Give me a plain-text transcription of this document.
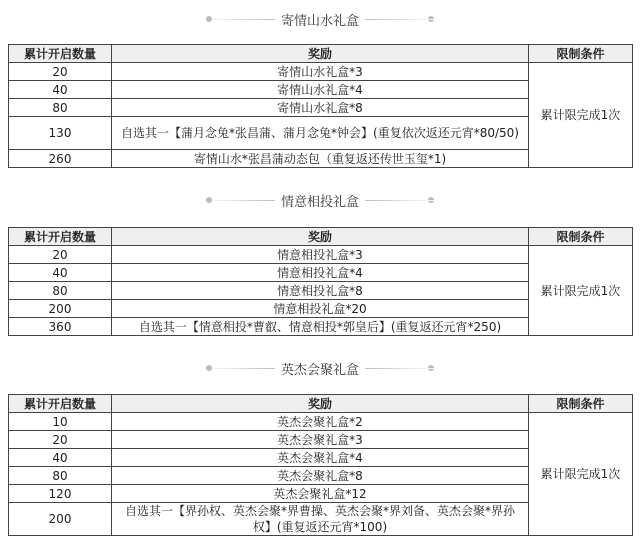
寄情山水礼盒
累计开启数量	奖励	限制条件
20	寄情山水礼盒*3	累计限完成1次
40	寄情山水礼盒*4	
80	寄情山水礼盒*8	
130	自选其一【蒲月念兔*张昌蒲、蒲月念兔*钟会】(重复依次返还元宵*80/50)	
260	寄情山水*张昌蒲动态包（重复返还传世玉玺*1)	
情意相投礼盒
累计开启数量	奖励	限制条件
20	情意相投礼盒*3	累计限完成1次
40	情意相投礼盒*4	
80	情意相投礼盒*8	
200	情意相投礼盒*20	
360	自选其一【情意相投*曹叡、情意相投*郭皇后】(重复返还元宵*250)	
英杰会聚礼盒
累计开启数量	奖励	限制条件
10	英杰会聚礼盒*2	累计限完成1次
20	英杰会聚礼盒*3	
40	英杰会聚礼盒*4	
80	英杰会聚礼盒*8	
120	英杰会聚礼盒*12	
200	自选其一【界孙权、英杰会聚*界曹操、英杰会聚*界刘备、英杰会聚*界孙权】(重复返还元宵*100)	
